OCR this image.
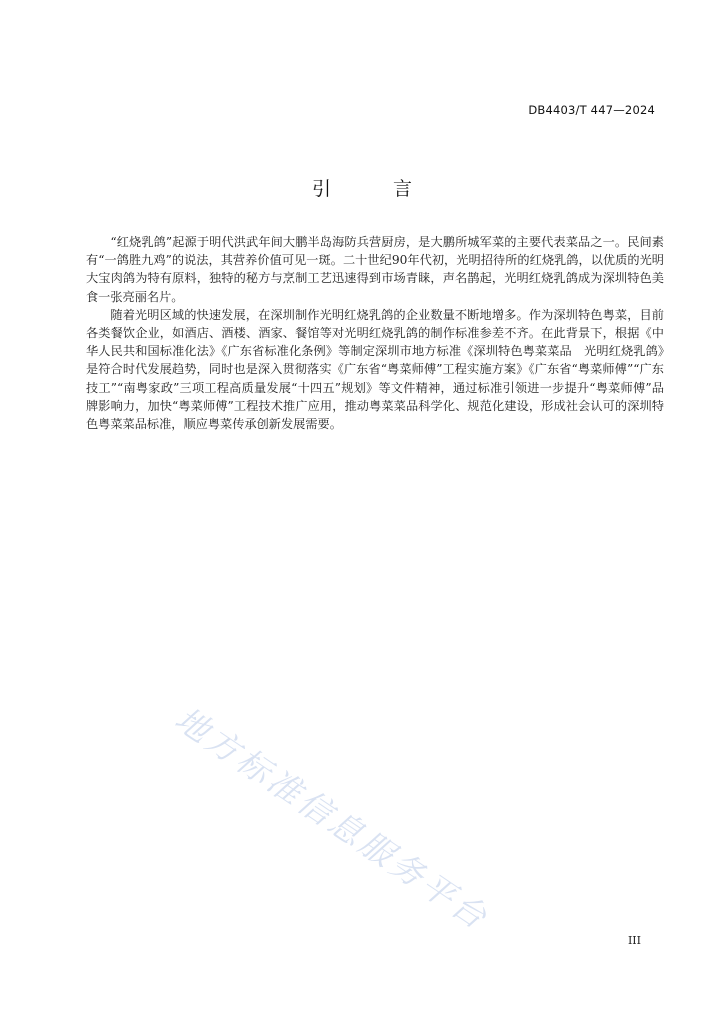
DB4403/T 447—2024
引 言

“红烧乳鸽”起源于明代洪武年间大鹏半岛海防兵营厨房，是大鹏所城军菜的主要代表菜品之一。民间素有“一鸽胜九鸡”的说法，其营养价值可见一斑。二十世纪90年代初，光明招待所的红烧乳鸽，以优质的光明大宝肉鸽为特有原料，独特的秘方与烹制工艺迅速得到市场青睐，声名鹊起，光明红烧乳鸽成为深圳特色美食一张亮丽名片。

随着光明区域的快速发展，在深圳制作光明红烧乳鸽的企业数量不断地增多。作为深圳特色粤菜，目前各类餐饮企业，如酒店、酒楼、酒家、餐馆等对光明红烧乳鸽的制作标准参差不齐。在此背景下，根据《中华人民共和国标准化法》《广东省标准化条例》等制定深圳市地方标准《深圳特色粤菜菜品　光明红烧乳鸽》是符合时代发展趋势，同时也是深入贯彻落实《广东省“粤菜师傅”工程实施方案》《广东省“粤菜师傅”“广东技工”“南粤家政”三项工程高质量发展“十四五”规划》等文件精神，通过标准引领进一步提升“粤菜师傅”品牌影响力，加快“粤菜师傅”工程技术推广应用，推动粤菜菜品科学化、规范化建设，形成社会认可的深圳特色粤菜菜品标准，顺应粤菜传承创新发展需要。

地方标准信息服务平台
III
